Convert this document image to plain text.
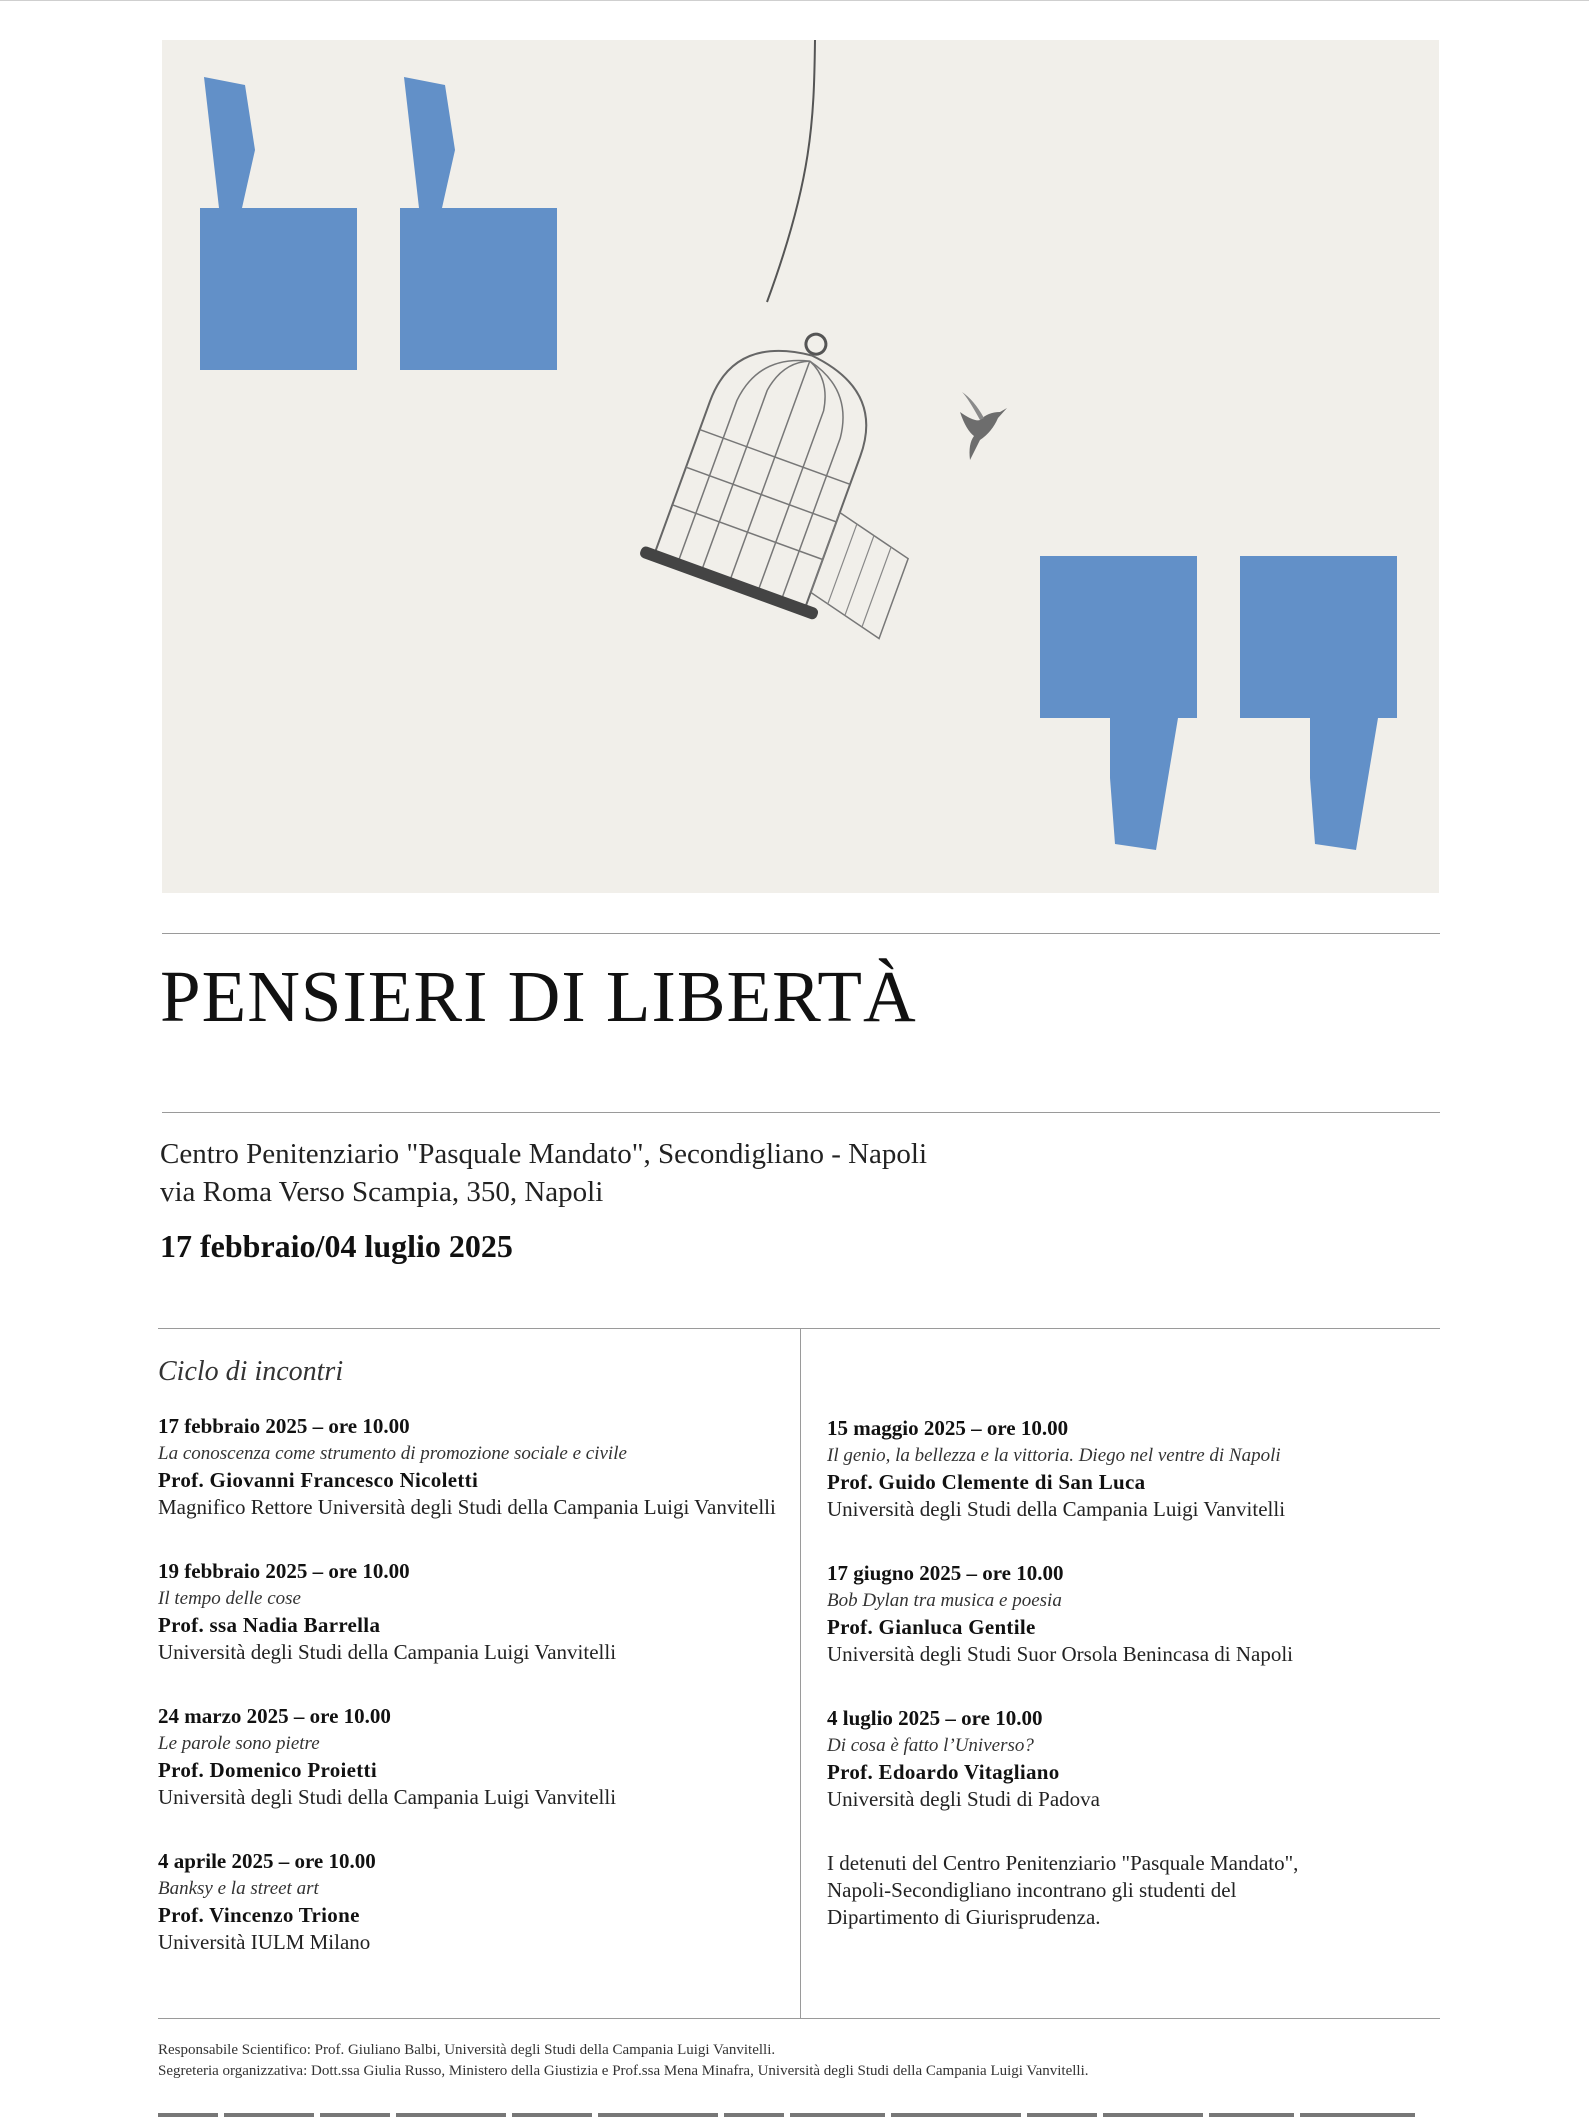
PENSIERI DI LIBERTÀ
Centro Penitenziario "Pasquale Mandato", Secondigliano - Napoli
via Roma Verso Scampia, 350, Napoli
17 febbraio/04 luglio 2025
Ciclo di incontri
17 febbraio 2025 – ore 10.00
La conoscenza come strumento di promozione sociale e civile
Prof. Giovanni Francesco Nicoletti
Magnifico Rettore Università degli Studi della Campania Luigi Vanvitelli
19 febbraio 2025 – ore 10.00
Il tempo delle cose
Prof. ssa Nadia Barrella
Università degli Studi della Campania Luigi Vanvitelli
24 marzo 2025 – ore 10.00
Le parole sono pietre
Prof. Domenico Proietti
Università degli Studi della Campania Luigi Vanvitelli
4 aprile 2025 – ore 10.00
Banksy e la street art
Prof. Vincenzo Trione
Università IULM Milano
15 maggio 2025 – ore 10.00
Il genio, la bellezza e la vittoria. Diego nel ventre di Napoli
Prof. Guido Clemente di San Luca
Università degli Studi della Campania Luigi Vanvitelli
17 giugno 2025 – ore 10.00
Bob Dylan tra musica e poesia
Prof. Gianluca Gentile
Università degli Studi Suor Orsola Benincasa di Napoli
4 luglio 2025 – ore 10.00
Di cosa è fatto l’Universo?
Prof. Edoardo Vitagliano
Università degli Studi di Padova
I detenuti del Centro Penitenziario "Pasquale Mandato",
Napoli-Secondigliano incontrano gli studenti del
Dipartimento di Giurisprudenza.
Responsabile Scientifico: Prof. Giuliano Balbi, Università degli Studi della Campania Luigi Vanvitelli.
Segreteria organizzativa: Dott.ssa Giulia Russo, Ministero della Giustizia e Prof.ssa Mena Minafra, Università degli Studi della Campania Luigi Vanvitelli.
